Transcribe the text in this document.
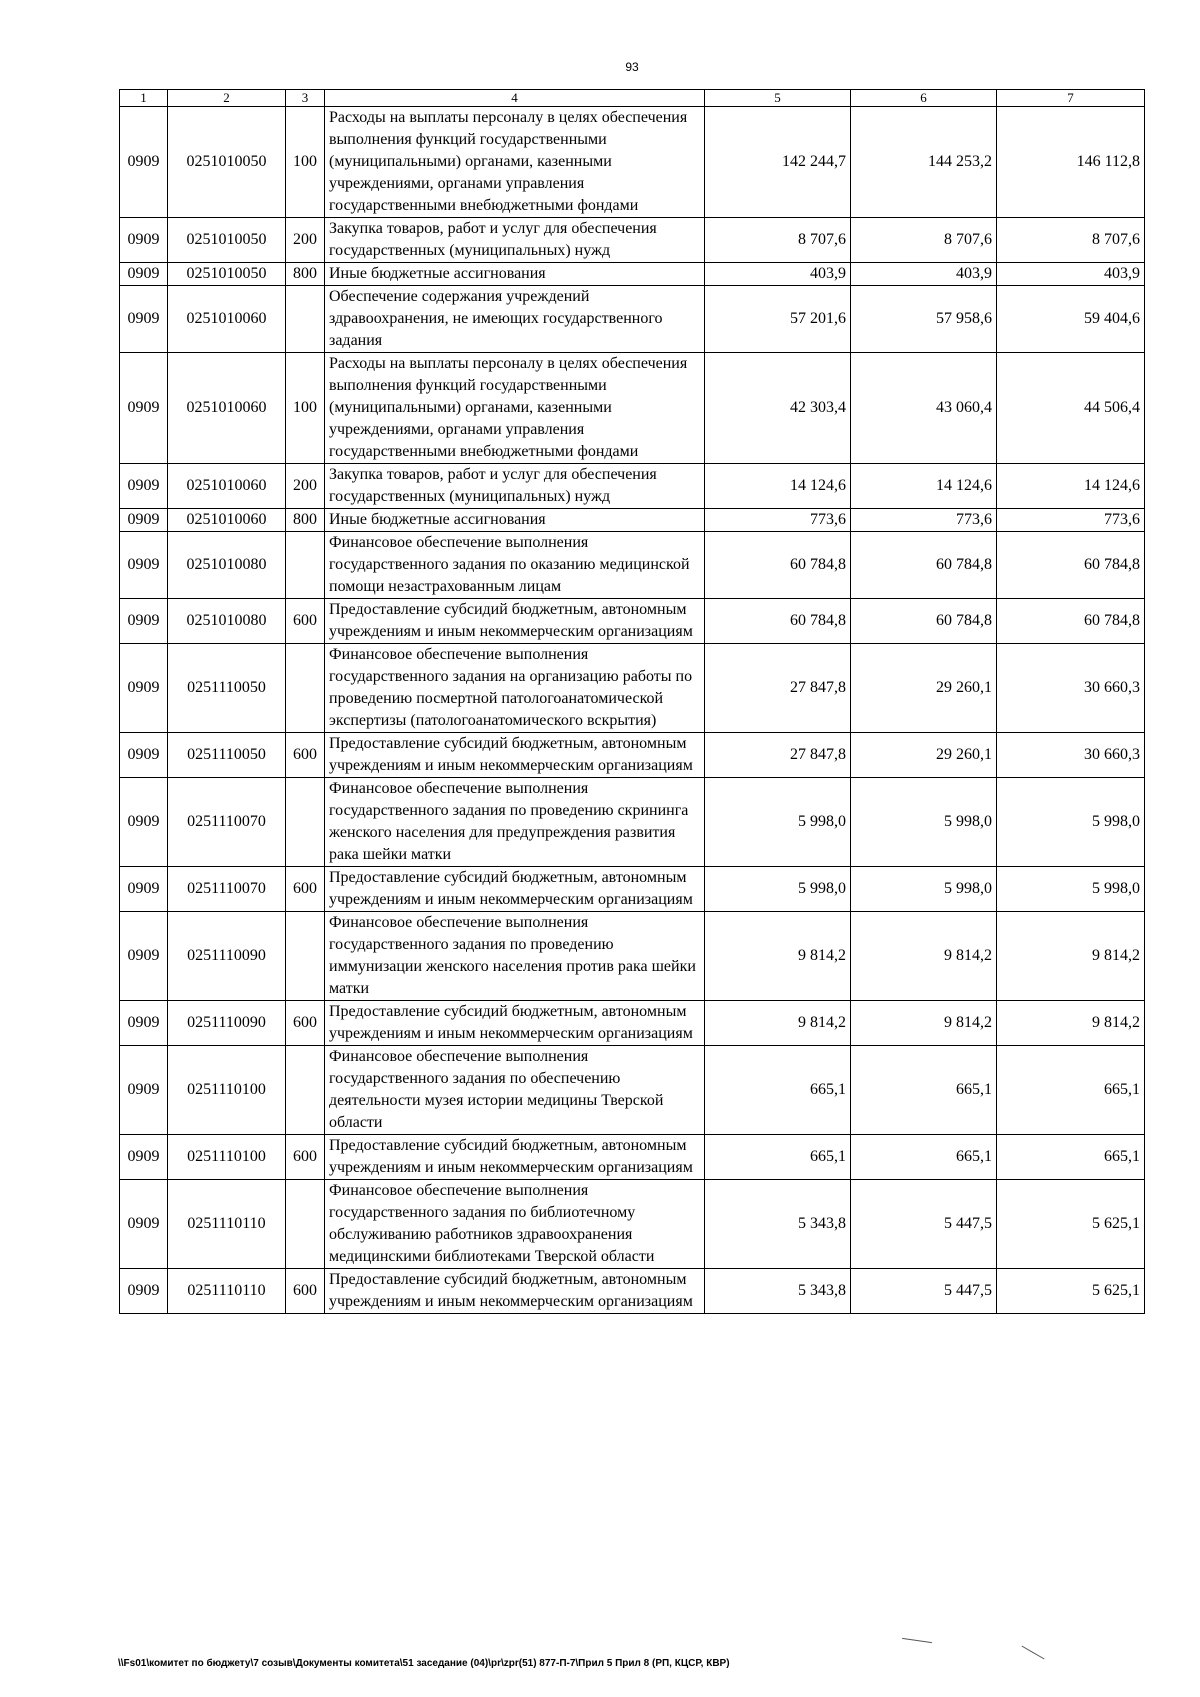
93
1	2	3	4	5	6	7
0909	0251010050	100	Расходы на выплаты персоналу в целях обеспечения выполнения функций государственными (муниципальными) органами, казенными учреждениями, органами управления государственными внебюджетными фондами	142 244,7	144 253,2	146 112,8
0909	0251010050	200	Закупка товаров, работ и услуг для обеспечения государственных (муниципальных) нужд	8 707,6	8 707,6	8 707,6
0909	0251010050	800	Иные бюджетные ассигнования	403,9	403,9	403,9
0909	0251010060		Обеспечение содержания учреждений здравоохранения, не имеющих государственного задания	57 201,6	57 958,6	59 404,6
0909	0251010060	100	Расходы на выплаты персоналу в целях обеспечения выполнения функций государственными (муниципальными) органами, казенными учреждениями, органами управления государственными внебюджетными фондами	42 303,4	43 060,4	44 506,4
0909	0251010060	200	Закупка товаров, работ и услуг для обеспечения государственных (муниципальных) нужд	14 124,6	14 124,6	14 124,6
0909	0251010060	800	Иные бюджетные ассигнования	773,6	773,6	773,6
0909	0251010080		Финансовое обеспечение выполнения государственного задания по оказанию медицинской помощи незастрахованным лицам	60 784,8	60 784,8	60 784,8
0909	0251010080	600	Предоставление субсидий бюджетным, автономным учреждениям и иным некоммерческим организациям	60 784,8	60 784,8	60 784,8
0909	0251110050		Финансовое обеспечение выполнения государственного задания на организацию работы по проведению посмертной патологоанатомической экспертизы (патологоанатомического вскрытия)	27 847,8	29 260,1	30 660,3
0909	0251110050	600	Предоставление субсидий бюджетным, автономным учреждениям и иным некоммерческим организациям	27 847,8	29 260,1	30 660,3
0909	0251110070		Финансовое обеспечение выполнения государственного задания по проведению скрининга женского населения для предупреждения развития рака шейки матки	5 998,0	5 998,0	5 998,0
0909	0251110070	600	Предоставление субсидий бюджетным, автономным учреждениям и иным некоммерческим организациям	5 998,0	5 998,0	5 998,0
0909	0251110090		Финансовое обеспечение выполнения государственного задания по проведению иммунизации женского населения против рака шейки матки	9 814,2	9 814,2	9 814,2
0909	0251110090	600	Предоставление субсидий бюджетным, автономным учреждениям и иным некоммерческим организациям	9 814,2	9 814,2	9 814,2
0909	0251110100		Финансовое обеспечение выполнения государственного задания по обеспечению деятельности музея истории медицины Тверской области	665,1	665,1	665,1
0909	0251110100	600	Предоставление субсидий бюджетным, автономным учреждениям и иным некоммерческим организациям	665,1	665,1	665,1
0909	0251110110		Финансовое обеспечение выполнения государственного задания по библиотечному обслуживанию работников здравоохранения медицинскими библиотеками Тверской области	5 343,8	5 447,5	5 625,1
0909	0251110110	600	Предоставление субсидий бюджетным, автономным учреждениям и иным некоммерческим организациям	5 343,8	5 447,5	5 625,1
\\Fs01\комитет по бюджету\7 созыв\Документы комитета\51 заседание (04)\pr\zpr(51) 877-П-7\Прил 5 Прил 8 (РП, КЦСР, КВР)
